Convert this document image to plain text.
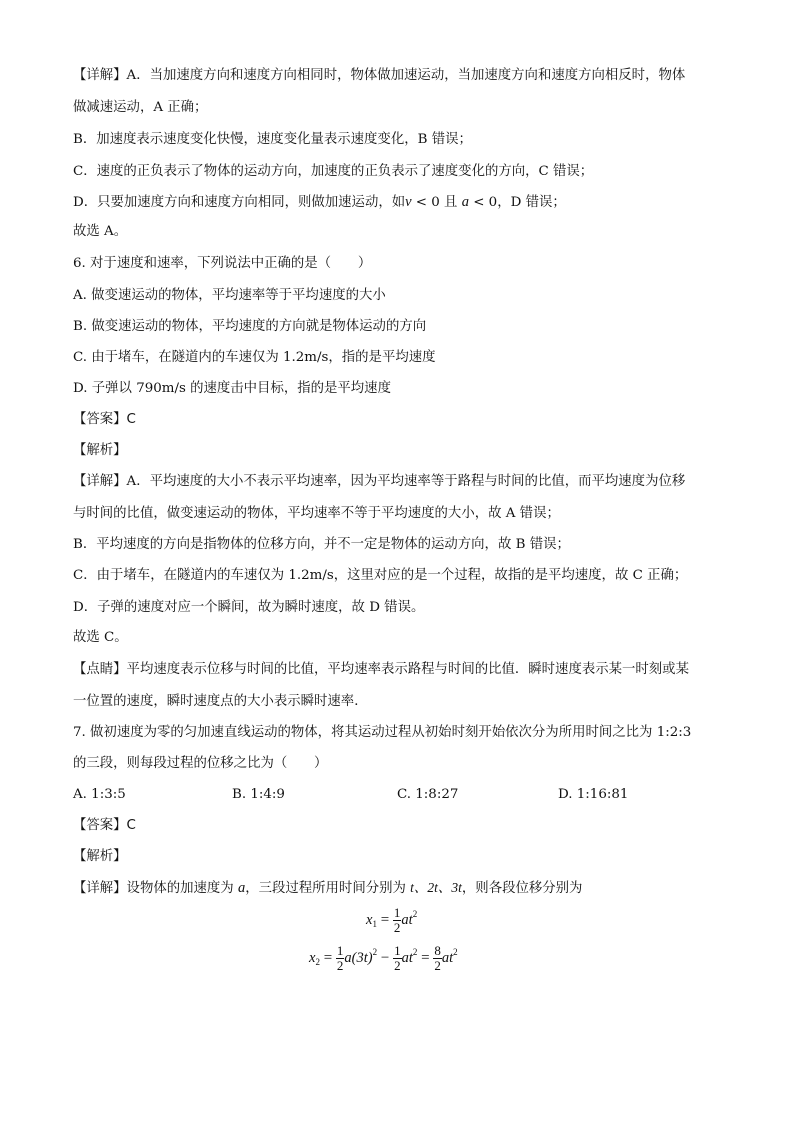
【详解】A．当加速度方向和速度方向相同时，物体做加速运动，当加速度方向和速度方向相反时，物体
做减速运动，A 正确；
B．加速度表示速度变化快慢，速度变化量表示速度变化，B 错误；
C．速度的正负表示了物体的运动方向，加速度的正负表示了速度变化的方向，C 错误；
D．只要加速度方向和速度方向相同，则做加速运动，如v < 0 且 a < 0，D 错误；
故选 A。
6. 对于速度和速率，下列说法中正确的是（　　）
A. 做变速运动的物体，平均速率等于平均速度的大小
B. 做变速运动的物体，平均速度的方向就是物体运动的方向
C. 由于堵车，在隧道内的车速仅为 1.2m/s，指的是平均速度
D. 子弹以 790m/s 的速度击中目标，指的是平均速度
【答案】C
【解析】
【详解】A．平均速度的大小不表示平均速率，因为平均速率等于路程与时间的比值，而平均速度为位移
与时间的比值，做变速运动的物体，平均速率不等于平均速度的大小，故 A 错误；
B．平均速度的方向是指物体的位移方向，并不一定是物体的运动方向，故 B 错误；
C．由于堵车，在隧道内的车速仅为 1.2m/s，这里对应的是一个过程，故指的是平均速度，故 C 正确；
D．子弹的速度对应一个瞬间，故为瞬时速度，故 D 错误。
故选 C。
【点睛】平均速度表示位移与时间的比值，平均速率表示路程与时间的比值．瞬时速度表示某一时刻或某
一位置的速度，瞬时速度点的大小表示瞬时速率．
7. 做初速度为零的匀加速直线运动的物体，将其运动过程从初始时刻开始依次分为所用时间之比为 1:2:3
的三段，则每段过程的位移之比为（　　）
A. 1:3:5	B. 1:4:9	C. 1:8:27	D. 1:16:81
【答案】C
【解析】
【详解】设物体的加速度为 a，三段过程所用时间分别为 t、2t、3t，则各段位移分别为
$x_1 = \frac{1}{2} at^2$
$x_2 = \frac{1}{2} a(3t)^2 - \frac{1}{2} at^2 = \frac{8}{2} at^2$
